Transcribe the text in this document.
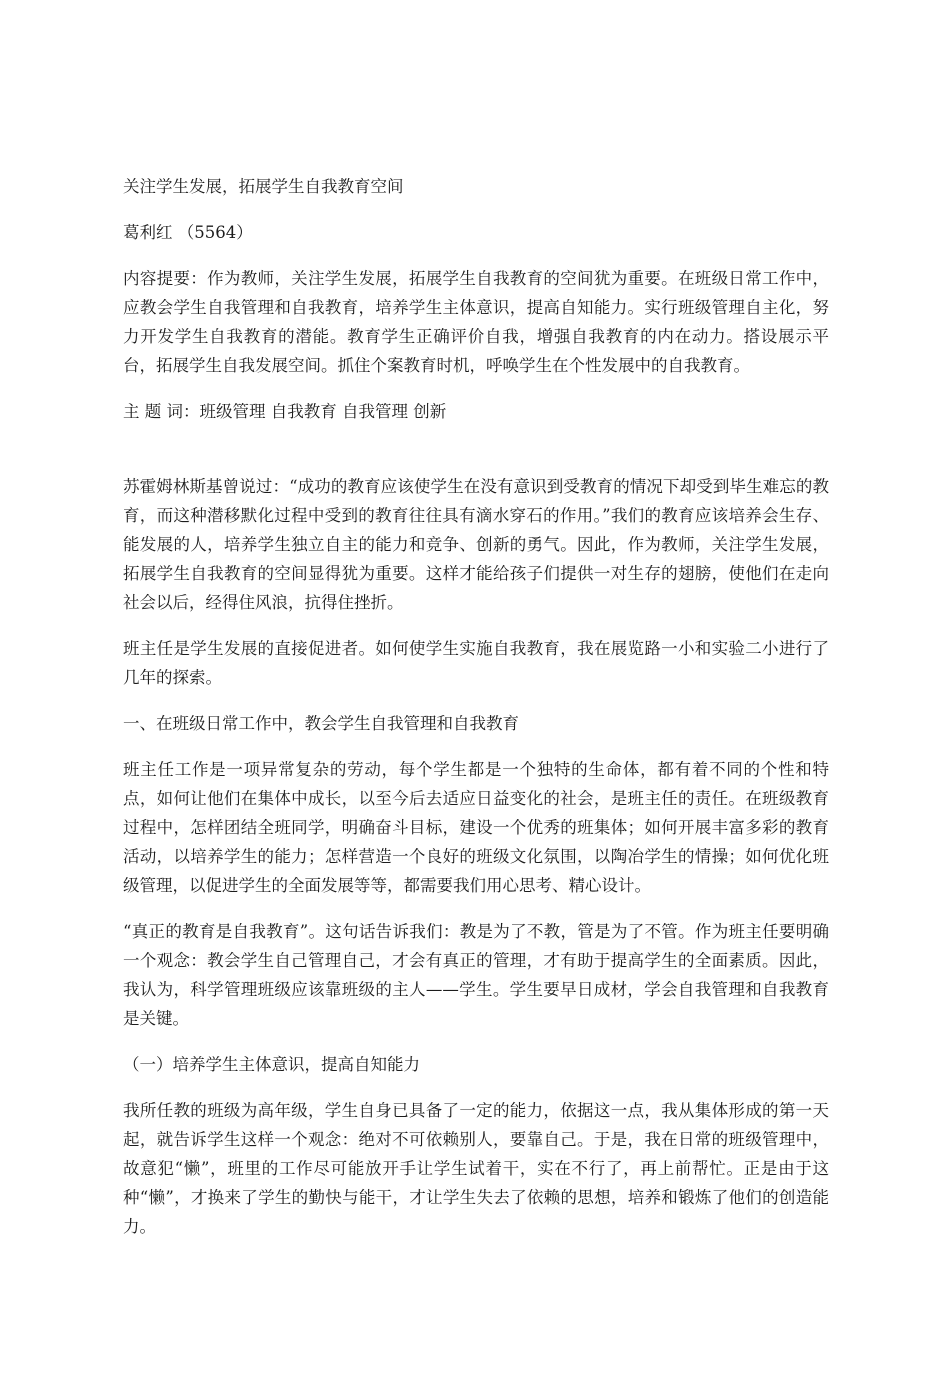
关注学生发展，拓展学生自我教育空间

葛利红 （5564）

内容提要：作为教师，关注学生发展，拓展学生自我教育的空间犹为重要。在班级日常工作中，应教会学生自我管理和自我教育，培养学生主体意识，提高自知能力。实行班级管理自主化，努力开发学生自我教育的潜能。教育学生正确评价自我，增强自我教育的内在动力。搭设展示平台，拓展学生自我发展空间。抓住个案教育时机，呼唤学生在个性发展中的自我教育。

主 题 词：班级管理 自我教育 自我管理 创新

苏霍姆林斯基曾说过：“成功的教育应该使学生在没有意识到受教育的情况下却受到毕生难忘的教育，而这种潜移默化过程中受到的教育往往具有滴水穿石的作用。”我们的教育应该培养会生存、能发展的人，培养学生独立自主的能力和竞争、创新的勇气。因此，作为教师，关注学生发展，拓展学生自我教育的空间显得犹为重要。这样才能给孩子们提供一对生存的翅膀，使他们在走向社会以后，经得住风浪，抗得住挫折。

班主任是学生发展的直接促进者。如何使学生实施自我教育，我在展览路一小和实验二小进行了几年的探索。

一、在班级日常工作中，教会学生自我管理和自我教育

班主任工作是一项异常复杂的劳动，每个学生都是一个独特的生命体，都有着不同的个性和特点，如何让他们在集体中成长，以至今后去适应日益变化的社会，是班主任的责任。在班级教育过程中，怎样团结全班同学，明确奋斗目标，建设一个优秀的班集体；如何开展丰富多彩的教育活动，以培养学生的能力；怎样营造一个良好的班级文化氛围，以陶冶学生的情操；如何优化班级管理，以促进学生的全面发展等等，都需要我们用心思考、精心设计。

“真正的教育是自我教育”。这句话告诉我们：教是为了不教，管是为了不管。作为班主任要明确一个观念：教会学生自己管理自己，才会有真正的管理，才有助于提高学生的全面素质。因此，我认为，科学管理班级应该靠班级的主人——学生。学生要早日成材，学会自我管理和自我教育是关键。

（一）培养学生主体意识，提高自知能力

我所任教的班级为高年级，学生自身已具备了一定的能力，依据这一点，我从集体形成的第一天起，就告诉学生这样一个观念：绝对不可依赖别人，要靠自己。于是，我在日常的班级管理中，故意犯“懒”，班里的工作尽可能放开手让学生试着干，实在不行了，再上前帮忙。正是由于这种“懒”，才换来了学生的勤快与能干，才让学生失去了依赖的思想，培养和锻炼了他们的创造能力。
